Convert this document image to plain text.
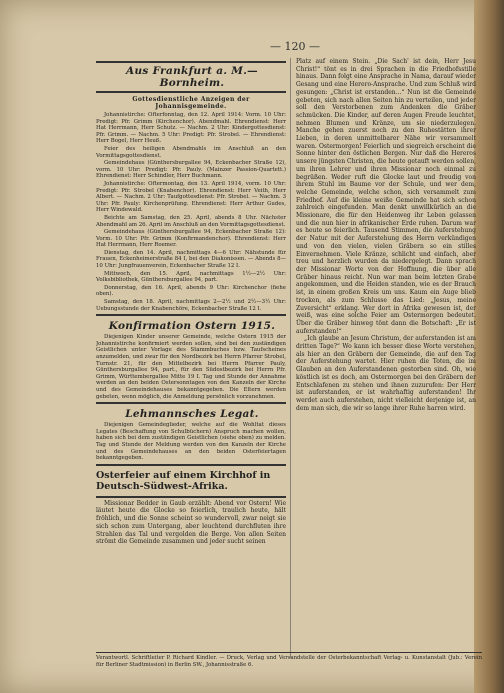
— 120 —
Aus Frankfurt a. M.—Bornheim.
Gottesdienstliche Anzeigen der Johannisgemeinde.

Johannistirche: Ofterfonntag, den 12. April 1914: Vorm. 10 Uhr: Predigt: Pfr. Grimm (Kirchenchor). Abendmahl. Ehrendienst: Herr Hat Herrmann, Herr Schutz. — Nachm. 2 Uhr: Kindergottesdienst: Pfr. Grimm. — Nachm. 5 Uhr: Predigt: Pfr. Strobel. — Ehrendienst: Herr Bogel, Herr Heuß.

Feier des heiligen Abendmahls im Anschluß an den Vormittagsgottesdienst.

Gemeindehaus (Günthersburgallee 94, Eckenbacher Straße 12), vorm. 10 Uhr: Predigt: Pfr. Pauly. (Mainzer Passion-Quartett.) Ehrendienst: Herr Schindler, Herr Buchmann.

Johannistirche: Oftermontag, den 13. April 1914, vorm. 10 Uhr: Predigt: Pfr. Strobel (Knabenchor). Ehrendienst: Herr Veith, Herr Albert. — Nachm. 2 Uhr: Taufgottesdienst: Pfr. Strobel. — Nachm. 3 Uhr: Pfr. Pauly: Kirchenprüfung. Ehrendienst: Herr Arthur Gudes, Herr Windewald.

Beichte am Samstag, den 25. April, abends 8 Uhr. Nächster Abendmahl am 26. April im Anschluß an den Vormittagsgottesdienst.

Gemeindehaus (Günthersburgallee 94, Eckenbacher Straße 12): Vorm. 10 Uhr: Pfr. Grimm (Konfirmandenchor). Ehrendienst: Herr Hat Herrmann, Herr Roemer.

Dienstag, den 14. April, nachmittags 4—6 Uhr: Nähstunde für Frauen, Eckenheimerstraße 84 I, bei den Diakonissen. — Abends 8—10 Uhr: Jungfrauenverein, Eckenbacher Straße 12 I.

Mittwoch, den 15. April, nachmittags 1½—2½ Uhr: Volksbibliothek, Günthersburgallee 94, part.

Donnerstag, den 16. April, abends 9 Uhr: Kirchenchor (fiehe oben).

Samstag, den 18. April, nachmittags 2—2½ und 2½—3½ Uhr: Uebungsstunde der Knabenchöre, Eckenbacher Straße 12 I.

Konfirmation Ostern 1915.

Diejenigen Kinder unserer Gemeinde, welche Ostern 1915 der Johannistirche konfirmiert werden sollen, sind bei den zuständigen Geistlichen unter Vorlage des Stammbuches bzw. Taufscheines anzumelden, und zwar für den Nordbezirk bei Herrn Pfarrer Strobel, Turnstr. 21, für den Mittelbezirk bei Herrn Pfarrer Pauly, Günthersburgallee 94, part., für den Südostbezirk bei Herrn Pfr. Grimm, Württembergallee Mitte 19 I. Tag und Stunde der Annahme werden an den beiden Ostersonntagen von den Kanzeln der Kirche und des Gemeindehauses bekanntgegeben. Die Eltern werden gebeten, wenn möglich, die Anmeldung persönlich vorzunehmen.

Lehmannsches Legat.

Diejenigen Gemeindeglieder, welche auf die Wohltat dieses Legates (Beschaffung von Schulbüchern) Anspruch machen wollen, haben sich bei dem zuständigen Geistlichen (siehe oben) zu melden. Tag und Stunde der Meldung werden von den Kanzeln der Kirche und des Gemeindehauses an den beiden Osterfeiertagen bekanntgegeben.

Osterfeier auf einem Kirchhof in Deutsch-Südwest-Afrika.

Missionar Bedder in Gaub erzählt: Abend vor Ostern! Wie läutet heute die Glocke so feierlich, traulich heute, hält fröhlich, und die Sonne scheint so wundervoll, zwar neigt sie sich schon zum Untergang, aber leuchtend durchfluten ihre Strahlen das Tal und vergolden die Berge. Von allen Seiten strömt die Gemeinde zusammen und jeder sucht seinen

Platz auf einem Stein. „Die Sach' ist dein, Herr Jesu Christ!“ tönt es in drei Sprachen in die Friedhofsstille hinaus. Dann folgt eine Ansprache in Nama, darauf wieder Gesang und eine Herero-Ansprache. Und zum Schluß wird gesungen: „Christ ist erstanden...“ Nun ist die Gemeinde gebeten, sich nach allen Seiten hin zu verteilen, und jeder soll den Verstorbenen zum Andenken die Gräber schmücken. Die Kinder, auf deren Augen Freude leuchtet, nehmen Blumen und Kränze, um sie niederzulegen. Manche gehen zuerst noch zu den Ruhestätten ihrer Lieben, in deren unmittelbarer Nähe wir versammelt waren. Ostermorgen! Feierlich und siegreich erscheint die Sonne hinter den östlichen Bergen. Nur daß die Hereros unsere jüngsten Christen, die heute getauft werden sollen, um ihren Lehrer und ihren Missionar noch einmal zu begrüßen. Weder ruft die Glocke laut und freudig von ihrem Stuhl im Baume vor der Schule, und wer dem, welche Gemeinde, welche schon, sich versammelt zum Friedhof. Auf die kleine weiße Gemeinde hat sich schon zahlreich eingefunden. Man denkt unwillkürlich an die Missionare, die für den Heidenweg ihr Leben gelassen und die nun hier in afrikanischer Erde ruhen. Darum war es heute so feierlich. Tausend Stimmen, die Auferstehung der Natur mit der Auferstehung des Herrn verkündigen und von den vielen, vielen Gräbern so ein stilles Einvernehmen. Viele Kränze, schlicht und einfach, aber treu und herzlich wurden da niedergelegt. Dann sprach der Missionar Worte von der Hoffnung, die über alle Gräber hinaus reicht. Nun war man beim letzten Grabe angekommen, und die Heiden standen, wie es der Brauch ist, in einem großen Kreis um uns. Kaum ein Auge blieb trocken, als zum Schlusse das Lied: „Jesus, meine Zuversicht“ erklang. Wer dort in Afrika gewesen ist, der weiß, was eine solche Feier am Ostermorgen bedeutet. Über die Gräber hinweg tönt dann die Botschaft: „Er ist auferstanden!“

„Ich glaube an Jesum Christum, der auferstanden ist am dritten Tage?“ Wo kann ich besser diese Worte verstehen, als hier an den Gräbern der Gemeinde, die auf den Tag der Auferstehung wartet. Hier ruhen die Toten, die im Glauben an den Auferstandenen gestorben sind. Oh, wie köstlich ist es doch, am Ostermorgen bei den Gräbern der Entschlafenen zu stehen und ihnen zuzurufen: Der Herr ist auferstanden, er ist wahrhaftig auferstanden! Ihr werdet auch auferstehen, nicht vielleicht derjenige ist, an dem man sich, die wir so lange ihrer Ruhe harren wird.

Verantwortl. Schriftleiter P. Richard Kindler. — Druck, Verlag und Versandstelle der Osterbekanntschaft Verlag- u. Kunstanstalt (Jub.: Verein für Berliner Stadtmission) in Berlin SW., Johannisstraße 6.
